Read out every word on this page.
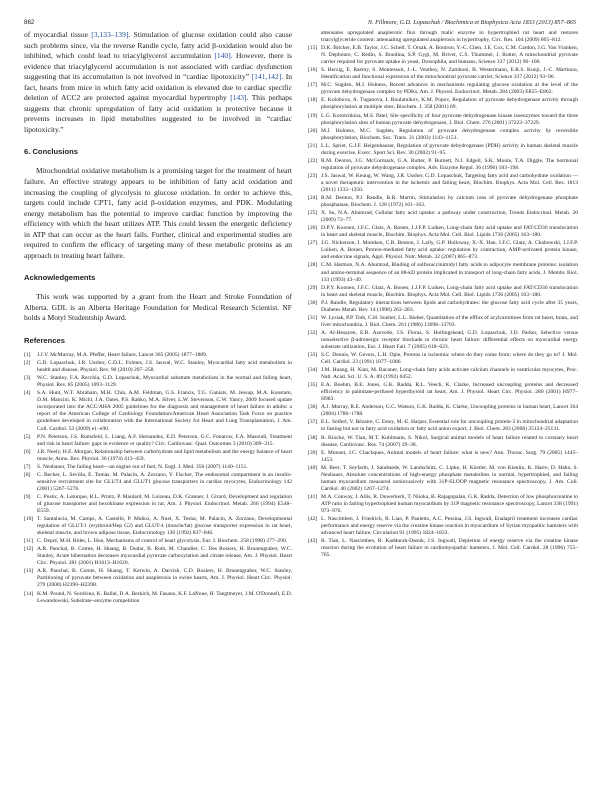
862	N. Fillmore, G.D. Lopaschuk / Biochimica et Biophysica Acta 1833 (2013) 857–865

of myocardial tissue [3,133–139]. Stimulation of glucose oxidation could also cause such problems since, via the reverse Randle cycle, fatty acid β-oxidation would also be inhibited, which could lead to triacylglycerol accumulation [140]. However, there is evidence that triacylglycerol accumulation is not associated with cardiac dysfunction suggesting that its accumulation is not involved in “cardiac lipotoxicity” [141,142]. In fact, hearts from mice in which fatty acid oxidation is elevated due to cardiac specific deletion of ACC2 are protected against myocardial hypertrophy [143]. This perhaps suggests that chronic upregulation of fatty acid oxidation is protective because it prevents increases in lipid metabolites suggested to be involved in “cardiac lipotoxicity.”

6. Conclusions

Mitochondrial oxidative metabolism is a promising target for the treatment of heart failure. An effective strategy appears to be inhibition of fatty acid oxidation and increasing the coupling of glycolysis to glucose oxidation. In order to achieve this, targets could include CPT1, fatty acid β-oxidation enzymes, and PDK. Modulating energy metabolism has the potential to improve cardiac function by improving the efficiency with which the heart utilizes ATP. This could lessen the energetic deficiency in ATP that can occur as the heart fails. Further, clinical and experimental studies are required to confirm the efficacy of targeting many of these metabolic proteins as an approach to treating heart failure.

Acknowledgements

This work was supported by a grant from the Heart and Stroke Foundation of Alberta. GDL is an Alberta Heritage Foundation for Medical Research Scientist. NF holds a Motyl Studentship Award.

References
[1]	J.J.V. McMurray, M.A. Pfeffer, Heart failure, Lancet 365 (2005) 1877–1889.
[2]	G.D. Lopaschuk, J.R. Ussher, C.D.L. Folmes, J.S. Jaswal, W.C. Stanley, Myocardial fatty acid metabolism in health and disease, Physiol. Rev. 90 (2010) 207–258.
[3]	W.C. Stanley, F.A. Recchia, G.D. Lopaschuk, Myocardial substrate metabolism in the normal and failing heart, Physiol. Rev. 85 (2005) 1093–1129.
[4]	S.A. Hunt, W.T. Abraham, M.H. Chin, A.M. Feldman, G.S. Francis, T.G. Ganiats, M. Jessup, M.A. Konstam, D.M. Mancini, K. Michl, J.A. Oates, P.S. Rahko, M.A. Silver, L.W. Stevenson, C.W. Yancy, 2009 focused update incorporated into the ACC/AHA 2005 guidelines for the diagnosis and management of heart failure in adults: a report of the American College of Cardiology Foundation/American Heart Association Task Force on practice guidelines developed in collaboration with the International Society for Heart and Lung Transplantation, J. Am. Coll. Cardiol. 53 (2009) e1–e90.
[5]	P.N. Peterson, J.S. Rumsfeld, L. Liang, A.F. Hernandez, E.D. Peterson, G.C. Fonarow, F.A. Masoudi, Treatment and risk in heart failure: gaps in evidence or quality? Circ. Cardiovasc. Qual. Outcomes 3 (2010) 309–315.
[6]	J.R. Neely, H.E. Morgan, Relationship between carbohydrate and lipid metabolism and the energy balance of heart muscle, Annu. Rev. Physiol. 36 (1974) 413–459.
[7]	S. Neubauer, The failing heart—an engine out of fuel, N. Engl. J. Med. 356 (2007) 1140–1151.
[8]	C. Becker, L. Sevilla, E. Tomàs, M. Palacín, A. Zorzano, Y. Fischer, The endosomal compartment is an insulin-sensitive recruitment site for GLUT4 and GLUT1 glucose transporters in cardiac myocytes, Endocrinology 142 (2001) 5267–5276.
[9]	C. Postic, A. Leturque, R.L. Printz, P. Maulard, M. Loizeau, D.K. Granner, J. Girard, Development and regulation of glucose transporter and hexokinase expression in rat, Am. J. Physiol. Endocrinol. Metab. 266 (1994) E548–E559.
[10] T. Santalucía, M. Camps, A. Castelló, P. Muñoz, A. Nuel, X. Testar, M. Palacín, A. Zorzano, Developmental regulation of GLUT-1 (erythroid/Hep G2) and GLUT-4 (muscle/fat) glucose transporter expression in rat heart, skeletal muscle, and brown adipose tissue, Endocrinology 130 (1992) 837–846.
[11] C. Depré, M.H. Rider, L. Hue, Mechanisms of control of heart glycolysis, Eur. J. Biochem. 258 (1998) 277–290.
[12] A.R. Panchal, B. Comte, H. Huang, B. Dudar, B. Roth, M. Chandler, C. Des Rosiers, H. Brunengraber, W.C. Stanley, Acute hibernation decreases myocardial pyruvate carboxylation and citrate release, Am. J. Physiol. Heart Circ. Physiol. 281 (2001) H1613–H1620.
[13] A.R. Panchal, B. Comte, H. Huang, T. Kerwin, A. Darvish, C.D. Rosiers, H. Brunengraber, W.C. Stanley, Partitioning of pyruvate between oxidation and anaplerosis in swine hearts, Am. J. Physiol. Heart Circ. Physiol. 279 (2000) H2390–H2398.
[14] K.M. Pound, N. Sorokina, K. Ballal, D.A. Berkich, M. Fasano, K.F. LaNoue, H. Taegtmeyer, J.M. O'Donnell, E.D. Lewandowski, Substrate–enzyme competition
attenuates upregulated anaplerotic flux through malic enzyme in hypertrophied rat heart and restores triacylglyceride content: attenuating upregulated anaplerosis in hypertrophy, Circ. Res. 104 (2009) 805–812.
[15] D.K. Bricker, E.B. Taylor, J.C. Schell, T. Orsak, A. Boutron, Y.-C. Chen, J.E. Cox, C.M. Cardon, J.G. Van Vranken, N. Dephoure, C. Redin, S. Boudina, S.P. Gygi, M. Brivet, C.S. Thummel, J. Rutter, A mitochondrial pyruvate carrier required for pyruvate uptake in yeast, Drosophila, and humans, Science 337 (2012) 96–100.
[16] S. Herzig, E. Raemy, S. Montessuit, J.-L. Veuthey, N. Zamboni, B. Westermann, E.R.S. Kunji, J.-C. Martinou, Identification and functional expression of the mitochondrial pyruvate carrier, Science 337 (2012) 93–96.
[17] M.C. Sugden, M.J. Holness, Recent advances in mechanisms regulating glucose oxidation at the level of the pyruvate dehydrogenase complex by PDKs, Am. J. Physiol. Endocrinol. Metab. 284 (2003) E855–E862.
[18] E. Kolobova, A. Tuganova, I. Boulatnikov, K.M. Popov, Regulation of pyruvate dehydrogenase activity through phosphorylation at multiple sites, Biochem. J. 358 (2001) 69.
[19] L.G. Korotchkina, M.S. Patel, Site specificity of four pyruvate dehydrogenase kinase isoenzymes toward the three phosphorylation sites of human pyruvate dehydrogenase, J. Biol. Chem. 276 (2001) 37223–37229.
[20] M.J. Holness, M.C. Sugden, Regulation of pyruvate dehydrogenase complex activity by reversible phosphorylation, Biochem. Soc. Trans. 31 (2003) 1143–1151.
[21] L.L. Spriet, G.J.F. Heigenhauser, Regulation of pyruvate dehydrogenase (PDH) activity in human skeletal muscle during exercise, Exerc. Sport Sci. Rev. 30 (2002) 91–95.
[22] R.M. Denton, J.G. McCormack, G.A. Rutter, P. Burnett, N.J. Edgell, S.K. Moule, T.A. Diggle, The hormonal regulation of pyruvate dehydrogenase complex, Adv. Enzyme Regul. 36 (1996) 183–198.
[23] J.S. Jaswal, W. Keung, W. Wang, J.R. Ussher, G.D. Lopaschuk, Targeting fatty acid and carbohydrate oxidation — a novel therapeutic intervention in the ischemic and failing heart, Biochim. Biophys. Acta Mol. Cell. Res. 1813 (2011) 1333–1350.
[24] R.M. Denton, P.J. Randle, B.R. Martin, Stimulation by calcium ions of pyruvate dehydrogenase phosphate phosphatase, Biochem. J. 128 (1972) 161–163.
[25] X. Su, N.A. Abumrad, Cellular fatty acid uptake: a pathway under construction, Trends Endocrinol. Metab. 20 (2009) 72–77.
[26] D.P.Y. Koonen, J.F.C. Glatz, A. Bonen, J.J.F.P. Luiken, Long-chain fatty acid uptake and FAT/CD36 translocation in heart and skeletal muscle, Biochim. Biophys. Acta Mol. Cell. Biol. Lipids 1736 (2005) 163–180.
[27] J.G. Nickerson, I. Momken, C.R. Benton, J. Lally, G.P. Holloway, X.-X. Han, J.F.C. Glatz, A. Chabowski, J.J.F.P. Luiken, A. Bonen, Protein-mediated fatty acid uptake: regulation by contraction, AMP-activated protein kinase, and endocrine signals, Appl. Physiol. Nutr. Metab. 32 (2007) 865–873.
[28] C.M. Harmon, N.A. Abumrad, Binding of sulfosuccinimidyl fatty acids to adipocyte membrane proteins: isolation and amino-terminal sequence of an 88-kD protein implicated in transport of long-chain fatty acids, J. Membr. Biol. 133 (1993) 43–49.
[29] D.P.Y. Koonen, J.F.C. Glatz, A. Bonen, J.J.F.P. Luiken, Long-chain fatty acid uptake and FAT/CD36 translocation in heart and skeletal muscle, Biochim. Biophys. Acta Mol. Cell. Biol. Lipids 1736 (2005) 163–180.
[30] P.J. Randle, Regulatory interactions between lipids and carbohydrates: the glucose fatty acid cycle after 35 years, Diabetes Metab. Rev. 14 (1998) 263–283.
[31] W. Lysiak, P.P. Toth, C.H. Suelter, L.L. Bieber, Quantitation of the efflux of acylcarnitines from rat heart, brain, and liver mitochondria, J. Biol. Chem. 261 (1986) 13698–13703.
[32] A. Al-Hesayen, E.R. Azevedo, J.S. Floras, S. Hollingshead, G.D. Lopaschuk, J.D. Parker, Selective versus nonselective β-adrenergic receptor blockade in chronic heart failure: differential effects on myocardial energy substrate utilization, Eur. J. Heart Fail. 7 (2005) 618–623.
[33] S.C. Dennis, W. Gevers, L.H. Opie, Protons in ischemia: where do they come from; where do they go to? J. Mol. Cell. Cardiol. 23 (1991) 1077–1086.
[34] J.M. Huang, H. Xian, M. Bacaner, Long-chain fatty acids activate calcium channels in ventricular myocytes, Proc. Natl. Acad. Sci. U. S. A. 89 (1992) 6452.
[35] E.A. Boehm, B.E. Jones, G.K. Radda, R.L. Veech, K. Clarke, Increased uncoupling proteins and decreased efficiency in palmitate-perfused hyperthyroid rat heart, Am. J. Physiol. Heart Circ. Physiol. 280 (2001) H977–H983.
[36] A.J. Murray, R.E. Anderson, G.C. Watson, G.K. Radda, K. Clarke, Uncoupling proteins in human heart, Lancet 364 (2004) 1786–1788.
[37] E.L. Seifert, V. Bézaire, C. Estey, M.-E. Harper, Essential role for uncoupling protein-3 in mitochondrial adaptation to fasting but not in fatty acid oxidation or fatty acid anion export, J. Biol. Chem. 283 (2008) 25124–25131.
[38] R. Klocke, W. Tian, M.T. Kuhlmann, S. Nikol, Surgical animal models of heart failure related to coronary heart disease, Cardiovasc. Res. 74 (2007) 29–38.
[39] E. Monnet, J.C. Chachques, Animal models of heart failure: what is new? Ann. Thorac. Surg. 79 (2005) 1445–1453.
[40] M. Beer, T. Seyfarth, J. Sandstede, W. Landschütz, C. Lipke, H. Köstler, M. von Kienlin, K. Harre, D. Hahn, S. Neubauer, Absolute concentrations of high-energy phosphate metabolites in normal, hypertrophied, and failing human myocardium measured noninvasively with 31P-SLOOP magnetic resonance spectroscopy, J. Am. Coll. Cardiol. 40 (2002) 1267–1274.
[41] M.A. Conway, J. Allis, R. Ouwerkerk, T. Niioka, B. Rajagopalan, G.K. Radda, Detection of low phosphocreatine to ATP ratio in failing hypertrophied human myocardium by 31P magnetic resonance spectroscopy, Lancet 338 (1991) 973–976.
[42] L. Nascimben, J. Friedrich, R. Liao, P. Pauletto, A.C. Pessina, J.S. Ingwall, Enalapril treatment increases cardiac performance and energy reserve via the creatine kinase reaction in myocardium of Syrian myopathic hamsters with advanced heart failure, Circulation 91 (1995) 1824–1833.
[43] R. Tian, L. Nascimben, R. Kaddurah-Daouk, J.S. Ingwall, Depletion of energy reserve via the creatine kinase reaction during the evolution of heart failure in cardiomyopathic hamsters, J. Mol. Cell. Cardiol. 28 (1996) 755–765.
